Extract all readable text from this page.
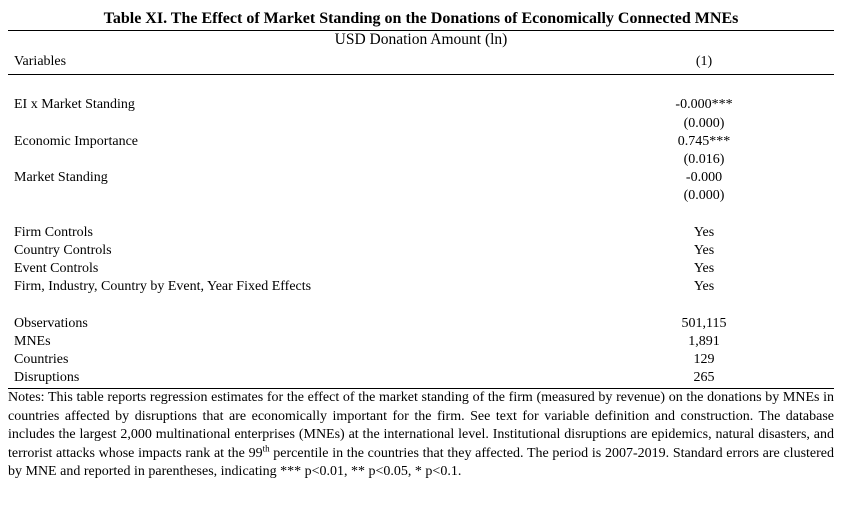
Table XI. The Effect of Market Standing on the Donations of Economically Connected MNEs
USD Donation Amount (ln)
Variables	(1)
EI x Market Standing	-0.000***
(0.000)
Economic Importance	0.745***
(0.016)
Market Standing	-0.000
(0.000)
Firm Controls	Yes
Country Controls	Yes
Event Controls	Yes
Firm, Industry, Country by Event, Year Fixed Effects	Yes
Observations	501,115
MNEs	1,891
Countries	129
Disruptions	265
Notes: This table reports regression estimates for the effect of the market standing of the firm (measured by revenue) on the donations by MNEs in countries affected by disruptions that are economically important for the firm. See text for variable definition and construction. The database includes the largest 2,000 multinational enterprises (MNEs) at the international level. Institutional disruptions are epidemics, natural disasters, and terrorist attacks whose impacts rank at the 99th percentile in the countries that they affected. The period is 2007-2019. Standard errors are clustered by MNE and reported in parentheses, indicating *** p<0.01, ** p<0.05, * p<0.1.
